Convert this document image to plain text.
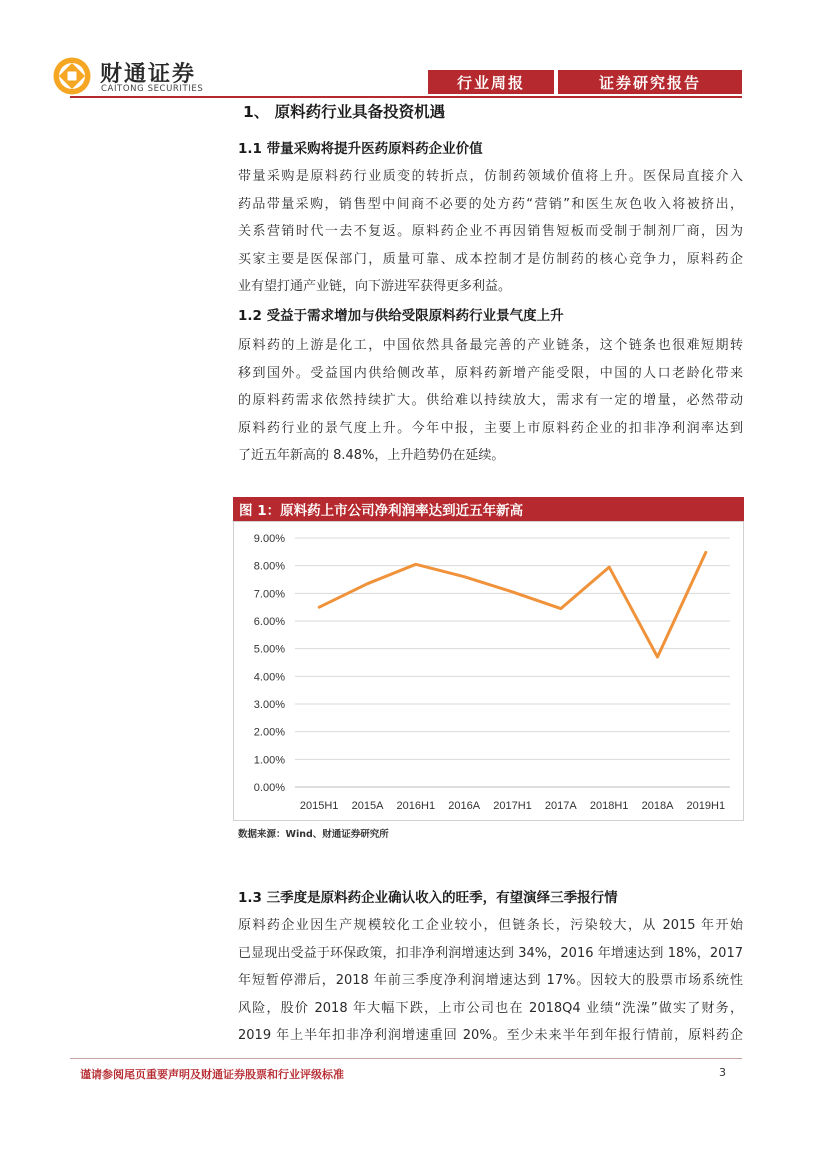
财通证券
CAITONG SECURITIES	行业周报	证券研究报告
1、 原料药行业具备投资机遇
1.1 带量采购将提升医药原料药企业价值
带量采购是原料药行业质变的转折点，仿制药领域价值将上升。医保局直接介入
药品带量采购，销售型中间商不必要的处方药“营销”和医生灰色收入将被挤出，
关系营销时代一去不复返。原料药企业不再因销售短板而受制于制剂厂商，因为
买家主要是医保部门，质量可靠、成本控制才是仿制药的核心竞争力，原料药企
业有望打通产业链，向下游进军获得更多利益。
1.2 受益于需求增加与供给受限原料药行业景气度上升
原料药的上游是化工，中国依然具备最完善的产业链条，这个链条也很难短期转
移到国外。受益国内供给侧改革，原料药新增产能受限，中国的人口老龄化带来
的原料药需求依然持续扩大。供给难以持续放大，需求有一定的增量，必然带动
原料药行业的景气度上升。今年中报，主要上市原料药企业的扣非净利润率达到
了近五年新高的 8.48%，上升趋势仍在延续。
图 1：原料药上市公司净利润率达到近五年新高
0.00%
1.00%
2.00%
3.00%
4.00%
5.00%
6.00%
7.00%
8.00%
9.00%
2015H1 2015A 2016H1 2016A 2017H1 2017A 2018H1 2018A 2019H1
数据来源：Wind、财通证券研究所
1.3 三季度是原料药企业确认收入的旺季，有望演绎三季报行情
原料药企业因生产规模较化工企业较小，但链条长，污染较大，从 2015 年开始
已显现出受益于环保政策，扣非净利润增速达到 34%，2016 年增速达到 18%，2017
年短暂停滞后，2018 年前三季度净利润增速达到 17%。因较大的股票市场系统性
风险，股价 2018 年大幅下跌，上市公司也在 2018Q4 业绩“洗澡”做实了财务，
2019 年上半年扣非净利润增速重回 20%。至少未来半年到年报行情前，原料药企
谨请参阅尾页重要声明及财通证券股票和行业评级标准	3
